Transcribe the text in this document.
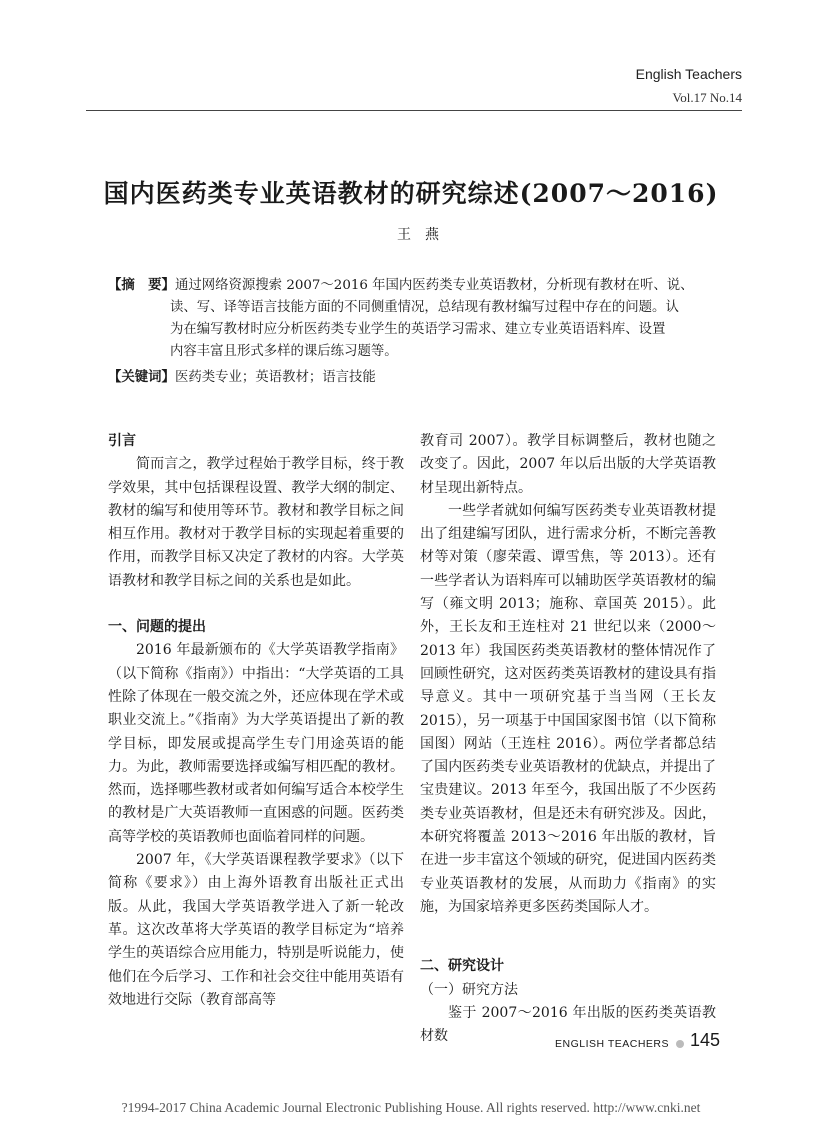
English Teachers
Vol.17 No.14
国内医药类专业英语教材的研究综述(2007～2016)
王燕
【摘　要】通过网络资源搜索 2007～2016 年国内医药类专业英语教材，分析现有教材在听、说、
读、写、译等语言技能方面的不同侧重情况，总结现有教材编写过程中存在的问题。认
为在编写教材时应分析医药类专业学生的英语学习需求、建立专业英语语料库、设置
内容丰富且形式多样的课后练习题等。
【关键词】医药类专业；英语教材；语言技能
引言

简而言之，教学过程始于教学目标，终于教学效果，其中包括课程设置、教学大纲的制定、教材的编写和使用等环节。教材和教学目标之间相互作用。教材对于教学目标的实现起着重要的作用，而教学目标又决定了教材的内容。大学英语教材和教学目标之间的关系也是如此。

一、问题的提出

2016 年最新颁布的《大学英语教学指南》（以下简称《指南》）中指出：“大学英语的工具性除了体现在一般交流之外，还应体现在学术或职业交流上。”《指南》为大学英语提出了新的教学目标，即发展或提高学生专门用途英语的能力。为此，教师需要选择或编写相匹配的教材。然而，选择哪些教材或者如何编写适合本校学生的教材是广大英语教师一直困惑的问题。医药类高等学校的英语教师也面临着同样的问题。

2007 年，《大学英语课程教学要求》（以下简称《要求》）由上海外语教育出版社正式出版。从此，我国大学英语教学进入了新一轮改革。这次改革将大学英语的教学目标定为“培养学生的英语综合应用能力，特别是听说能力，使他们在今后学习、工作和社会交往中能用英语有效地进行交际（教育部高等

教育司 2007）。教学目标调整后，教材也随之改变了。因此，2007 年以后出版的大学英语教材呈现出新特点。

一些学者就如何编写医药类专业英语教材提出了组建编写团队，进行需求分析，不断完善教材等对策（廖荣霞、谭雪焦，等 2013）。还有一些学者认为语料库可以辅助医学英语教材的编写（雍文明 2013；施称、章国英 2015）。此外，王长友和王连柱对 21 世纪以来（2000～2013 年）我国医药类英语教材的整体情况作了回顾性研究，这对医药类英语教材的建设具有指导意义。其中一项研究基于当当网（王长友 2015），另一项基于中国国家图书馆（以下简称国图）网站（王连柱 2016）。两位学者都总结了国内医药类专业英语教材的优缺点，并提出了宝贵建议。2013 年至今，我国出版了不少医药类专业英语教材，但是还未有研究涉及。因此，本研究将覆盖 2013～2016 年出版的教材，旨在进一步丰富这个领域的研究，促进国内医药类专业英语教材的发展，从而助力《指南》的实施，为国家培养更多医药类国际人才。

二、研究设计
（一）研究方法

鉴于 2007～2016 年出版的医药类英语教材数	ENGLISH TEACHERS 145
?1994-2017 China Academic Journal Electronic Publishing House. All rights reserved. http://www.cnki.net
